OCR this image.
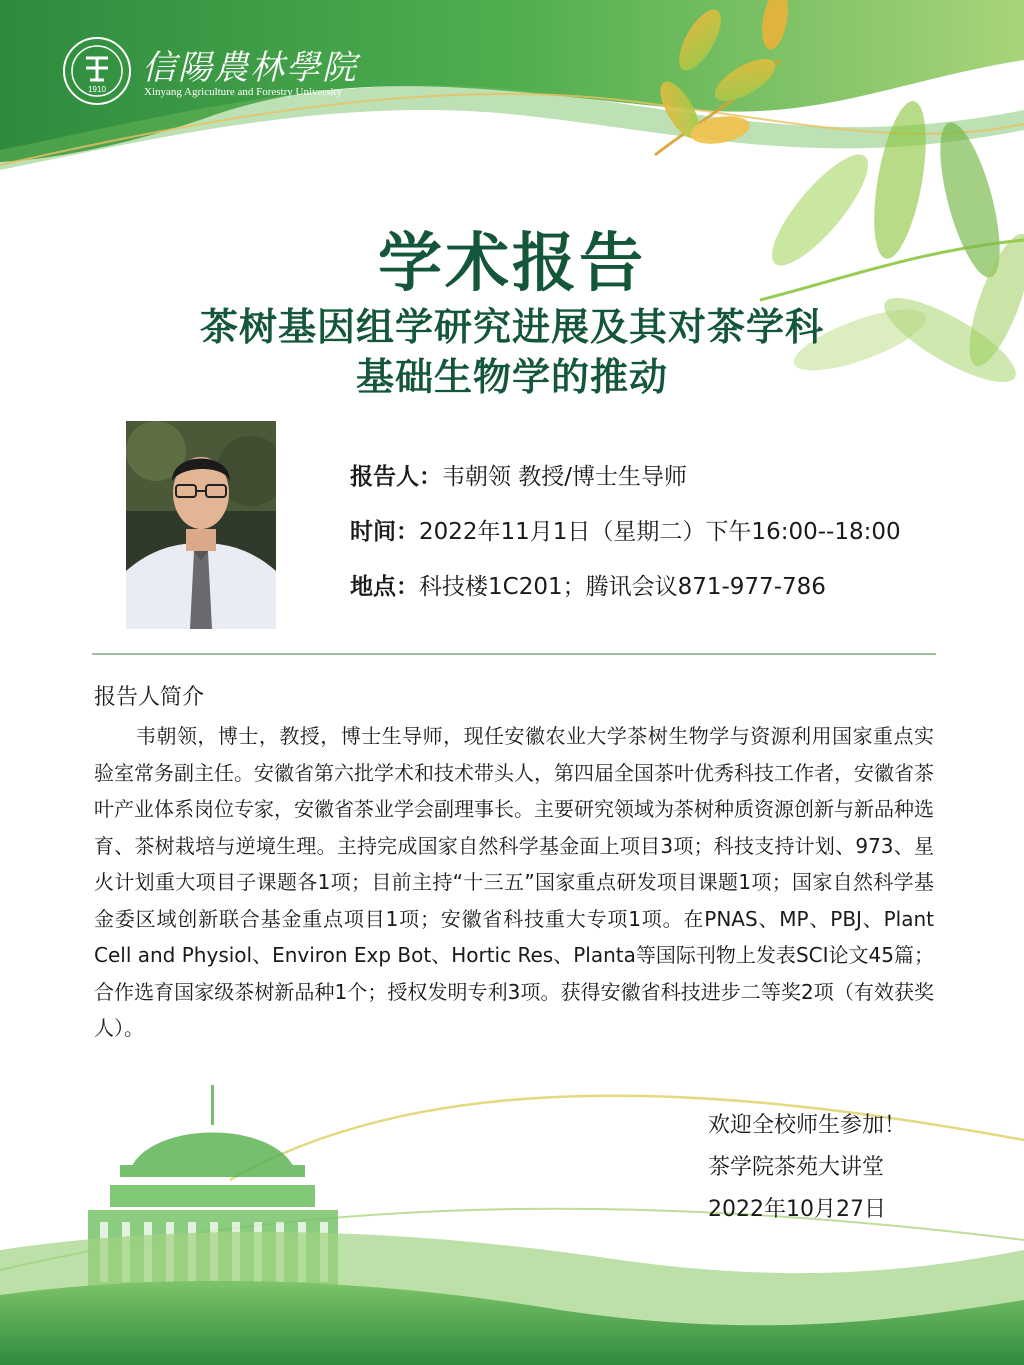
1910
信陽農林學院
Xinyang Agriculture and Forestry University
学术报告
茶树基因组学研究进展及其对茶学科
基础生物学的推动
报告人：韦朝领 教授/博士生导师
时间：2022年11月1日（星期二）下午16:00--18:00
地点：科技楼1C201；腾讯会议871-977-786
报告人简介
韦朝领，博士，教授，博士生导师，现任安徽农业大学茶树生物学与资源利用国家重点实验室常务副主任。安徽省第六批学术和技术带头人，第四届全国茶叶优秀科技工作者，安徽省茶叶产业体系岗位专家，安徽省茶业学会副理事长。主要研究领域为茶树种质资源创新与新品种选育、茶树栽培与逆境生理。主持完成国家自然科学基金面上项目3项；科技支持计划、973、星火计划重大项目子课题各1项；目前主持“十三五”国家重点研发项目课题1项；国家自然科学基金委区域创新联合基金重点项目1项；安徽省科技重大专项1项。在PNAS、MP、PBJ、Plant Cell and Physiol、Environ Exp Bot、Hortic Res、Planta等国际刊物上发表SCI论文45篇；合作选育国家级茶树新品种1个；授权发明专利3项。获得安徽省科技进步二等奖2项（有效获奖人）。
欢迎全校师生参加！
茶学院茶苑大讲堂
2022年10月27日
